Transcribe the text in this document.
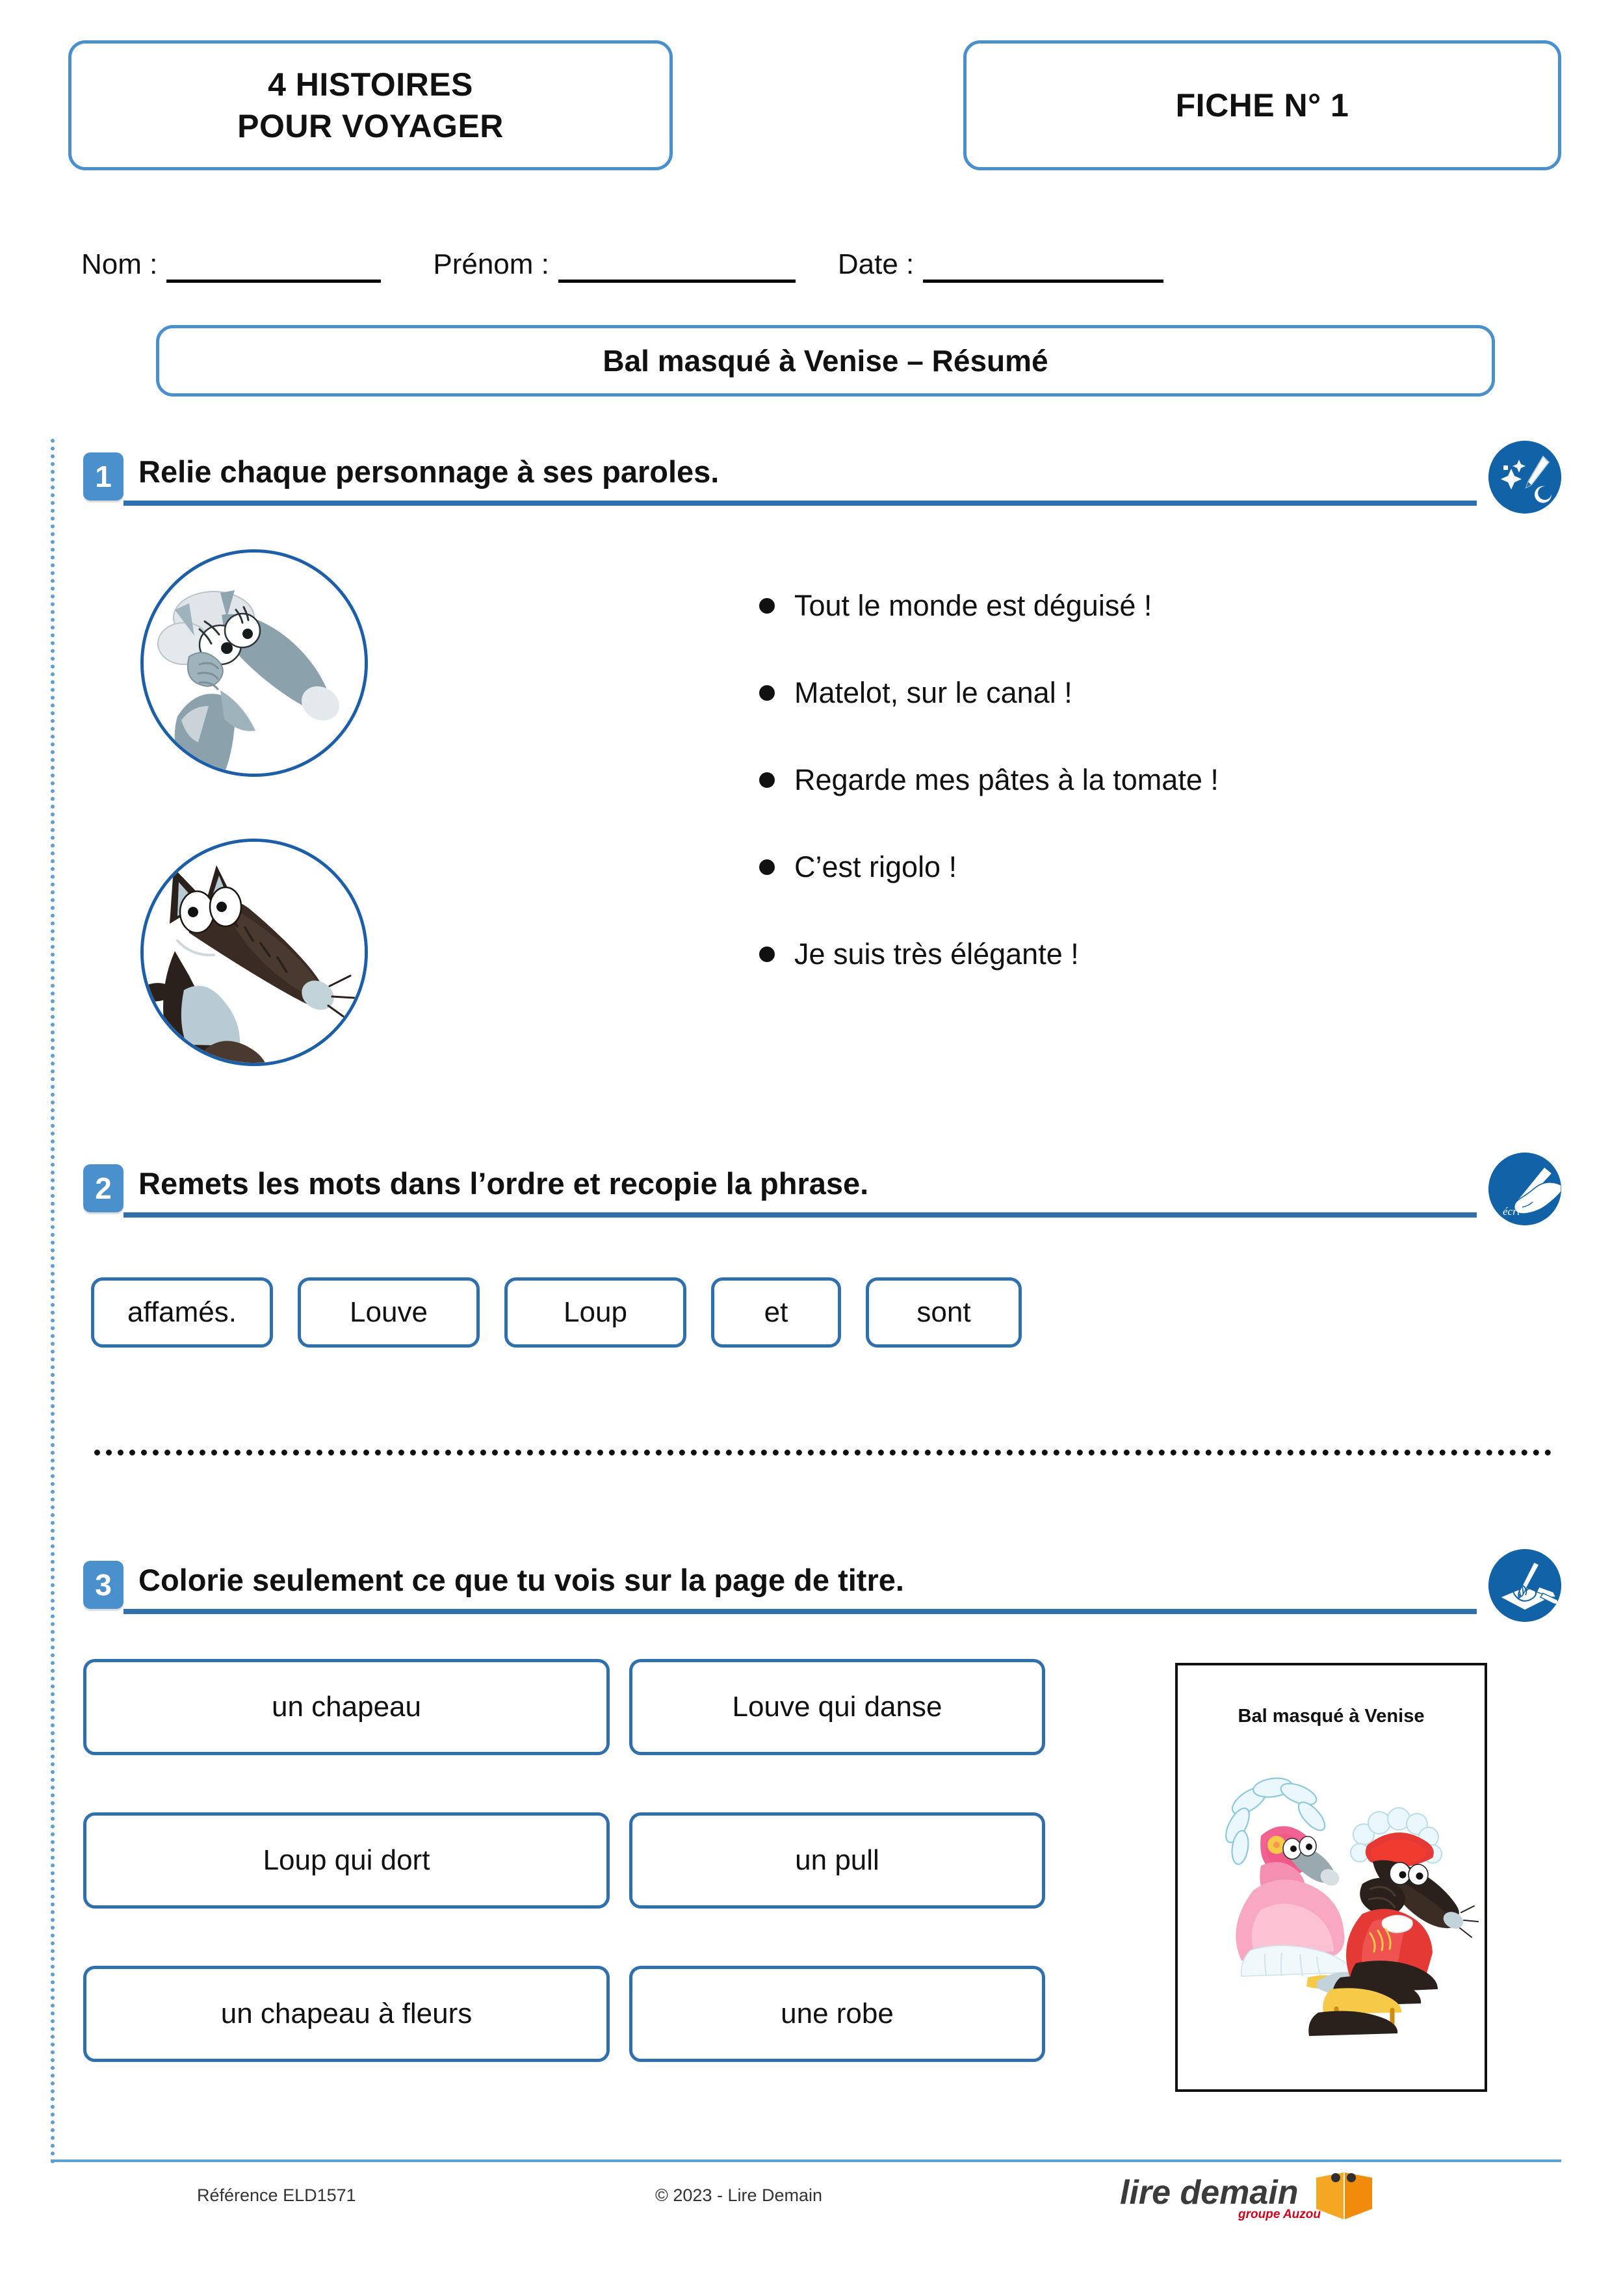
4 HISTOIRES
POUR VOYAGER
FICHE N° 1
Nom :	Prénom :	Date :
Bal masqué à Venise – Résumé
1 Relie chaque personnage à ses paroles.
Tout le monde est déguisé !
Matelot, sur le canal !
Regarde mes pâtes à la tomate !
C’est rigolo !
Je suis très élégante !
2 Remets les mots dans l’ordre et recopie la phrase.
écri
affamés.	Louve	Loup	et	sont
3 Colorie seulement ce que tu vois sur la page de titre.
un chapeau	Louve qui danse
Loup qui dort	un pull
un chapeau à fleurs	une robe
Bal masqué à Venise
Référence ELD1571	© 2023 - Lire Demain	lire demain
groupe Auzou
